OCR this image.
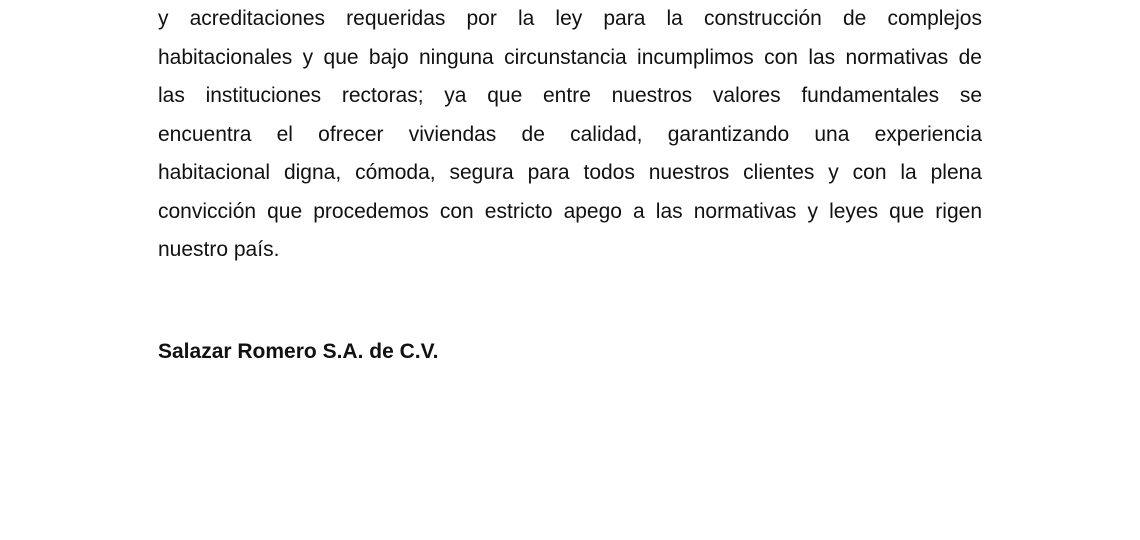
y acreditaciones requeridas por la ley para la construcción de complejos
habitacionales y que bajo ninguna circunstancia incumplimos con las normativas de
las instituciones rectoras; ya que entre nuestros valores fundamentales se
encuentra el ofrecer viviendas de calidad, garantizando una experiencia
habitacional digna, cómoda, segura para todos nuestros clientes y con la plena
convicción que procedemos con estricto apego a las normativas y leyes que rigen
nuestro país.

Salazar Romero S.A. de C.V.
